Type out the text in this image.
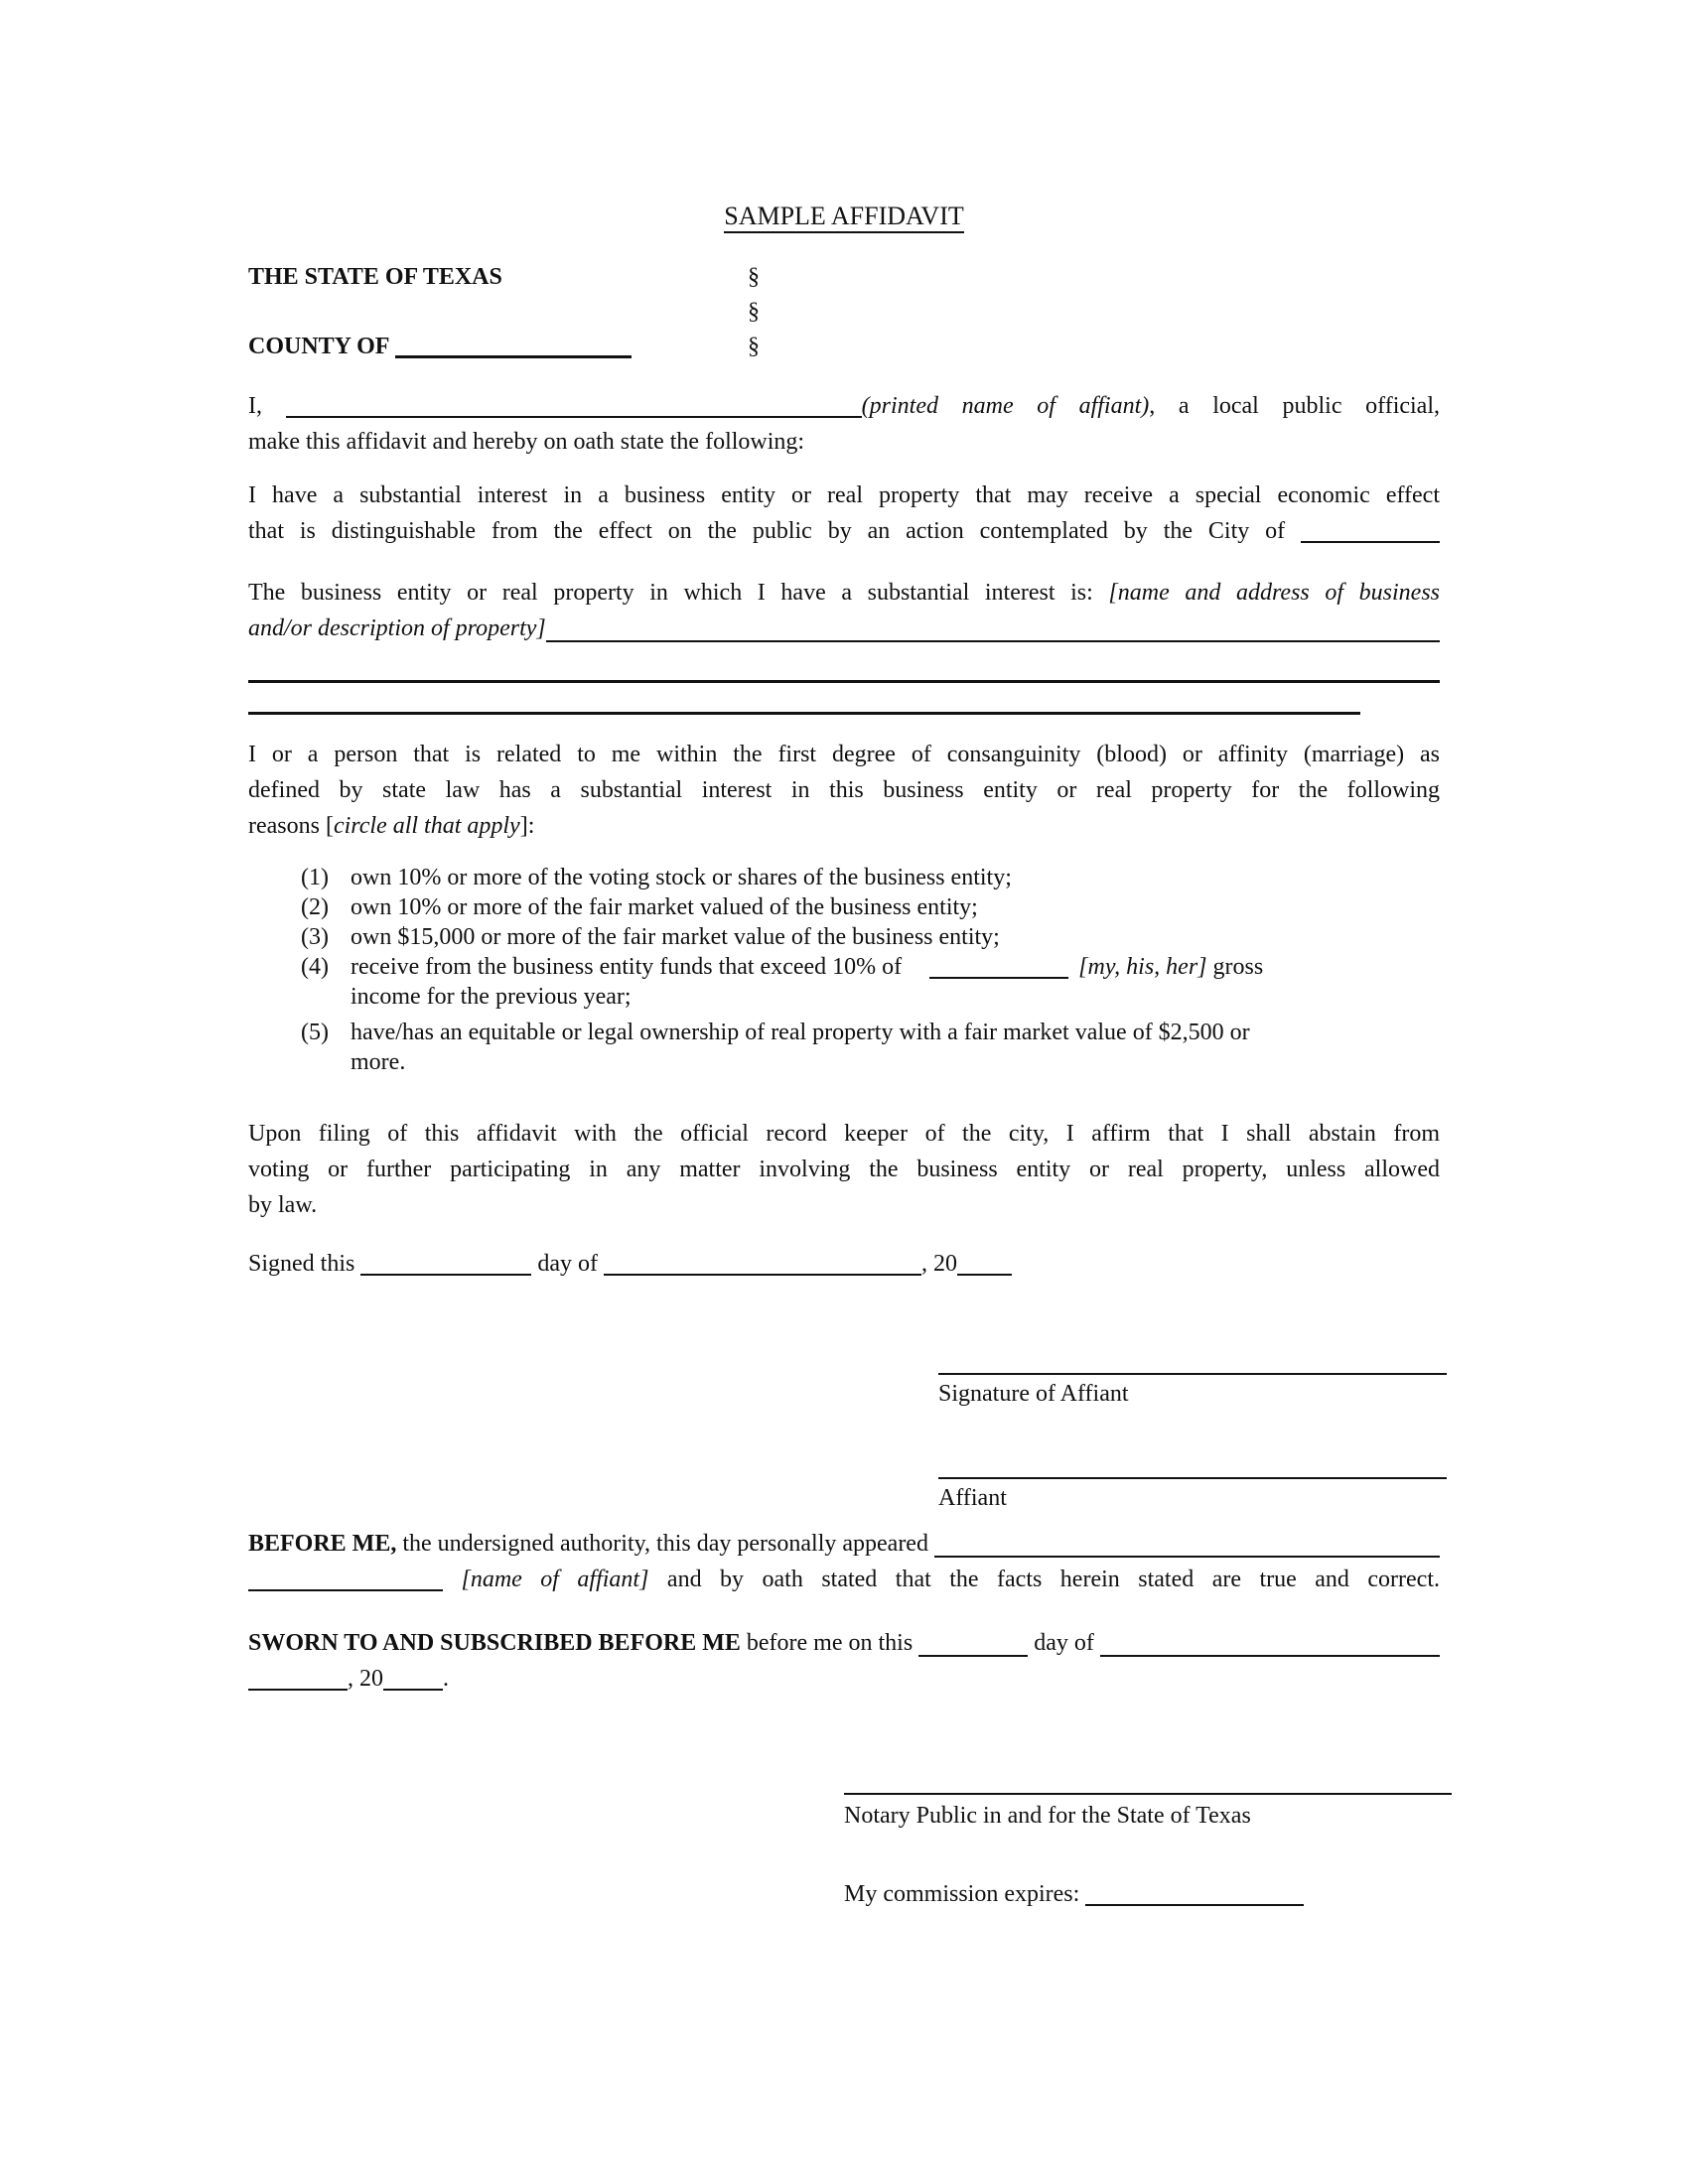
SAMPLE AFFIDAVIT
THE STATE OF TEXAS	§
§
COUNTY OF	§
I,	(printed name of affiant), a local public official,
make this affidavit and hereby on oath state the following:
I have a substantial interest in a business entity or real property that may receive a special economic effect
that is distinguishable from the effect on the public by an action contemplated by the City of
The business entity or real property in which I have a substantial interest is: [name and address of business
and/or description of property]
I or a person that is related to me within the first degree of consanguinity (blood) or affinity (marriage) as
defined by state law has a substantial interest in this business entity or real property for the following
reasons [circle all that apply]:
(1) own 10% or more of the voting stock or shares of the business entity;
(2) own 10% or more of the fair market valued of the business entity;
(3) own $15,000 or more of the fair market value of the business entity;
(4) receive from the business entity funds that exceed 10% of	[my, his, her] gross
income for the previous year;
(5) have/has an equitable or legal ownership of real property with a fair market value of $2,500 or
more.
Upon filing of this affidavit with the official record keeper of the city, I affirm that I shall abstain from
voting or further participating in any matter involving the business entity or real property, unless allowed
by law.
Signed this	day of	, 20
Signature of Affiant
Affiant
BEFORE ME, the undersigned authority, this day personally appeared
[name of affiant] and by oath stated that the facts herein stated are true and correct.
SWORN TO AND SUBSCRIBED BEFORE ME before me on this	day of
, 20	.
Notary Public in and for the State of Texas
My commission expires:
